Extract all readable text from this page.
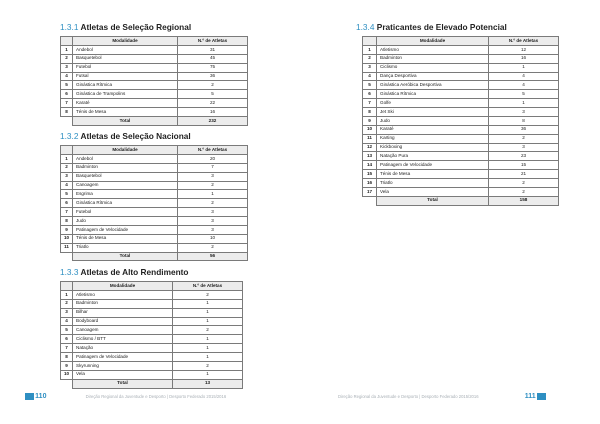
1.3.1 Atletas de Seleção Regional
	Modalidade	N.º de Atletas
1	Andebol	31
2	Basquetebol	45
3	Futebol	75
4	Futsal	36
5	Ginástica Rítmica	2
6	Ginástica de Trampolins	5
7	Karaté	22
8	Ténis de Mesa	16
	Total	232
1.3.2 Atletas de Seleção Nacional
	Modalidade	N.º de Atletas
1	Andebol	20
2	Badminton	7
3	Basquetebol	3
4	Canoagem	2
5	Esgrima	1
6	Ginástica Rítmica	2
7	Futebol	3
8	Judo	3
9	Patinagem de Velocidade	3
10	Ténis de Mesa	10
11	Triatlo	2
	Total	56
1.3.3 Atletas de Alto Rendimento
	Modalidade	N.º de Atletas
1	Atletismo	2
2	Badminton	1
3	Bilhar	1
4	Bodyboard	1
5	Canoagem	2
6	Ciclismo / BTT	1
7	Natação	1
8	Patinagem de Velocidade	1
9	Skyrunning	2
10	Vela	1
	Total	13
110	Direção Regional da Juventude e Desporto | Desporto Federado 2015/2016
1.3.4 Praticantes de Elevado Potencial
	Modalidade	N.º de Atletas
1	Atletismo	12
2	Badminton	16
3	Ciclismo	1
4	Dança Desportiva	4
5	Ginástica Aeróbica Desportiva	4
6	Ginástica Rítmica	5
7	Golfe	1
8	Jet Ski	3
9	Judo	8
10	Karaté	36
11	Karting	2
12	Kickboxing	3
13	Natação Pura	23
14	Patinagem de Velocidade	15
15	Ténis de Mesa	21
16	Triatlo	2
17	Vela	2
	Total	158
Direção Regional da Juventude e Desporto | Desporto Federado 2015/2016	111
